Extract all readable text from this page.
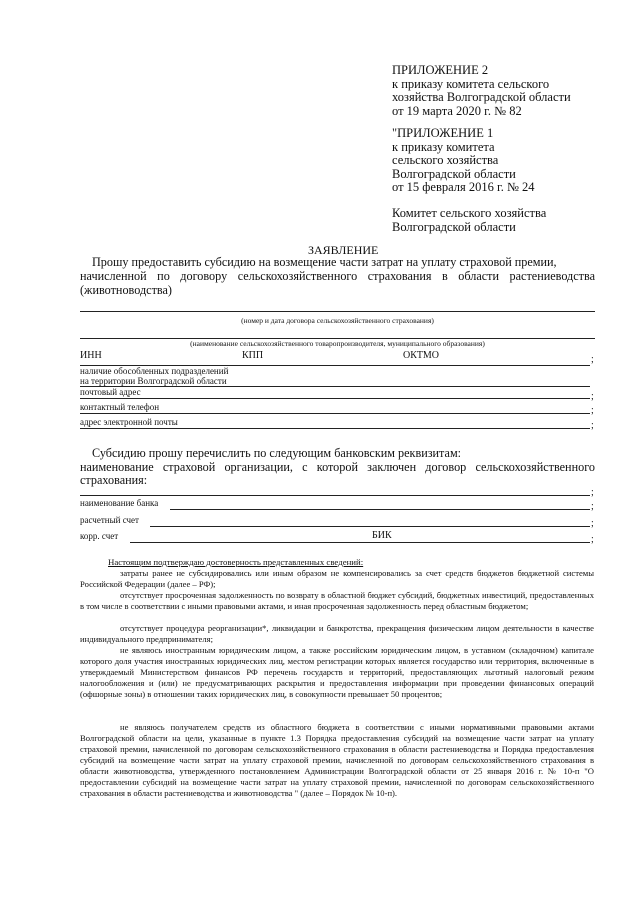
ПРИЛОЖЕНИЕ 2
к приказу комитета сельского
хозяйства Волгоградской области
от 19 марта 2020 г. № 82
"ПРИЛОЖЕНИЕ 1
к приказу комитета
сельского хозяйства
Волгоградской области
от 15 февраля 2016 г. № 24
Комитет сельского хозяйства
Волгоградской области
ЗАЯВЛЕНИЕ
Прошу предоставить субсидию на возмещение части затрат на уплату страховой премии,
начисленной по договору сельскохозяйственного страхования в области растениеводства
(животноводства)
(номер и дата договора сельскохозяйственного страхования)
(наименование сельскохозяйственного товаропроизводителя, муниципального образования)
ИНН	КПП	ОКТМО	;
наличие обособленных подразделений
на территории Волгоградской области
почтовый адрес	;
контактный телефон	;
адрес электронной почты	;
Субсидию прошу перечислить по следующим банковским реквизитам:
наименование страховой организации, с которой заключен договор сельскохозяйственного
страхования:
;
наименование банка	;
расчетный счет	;
корр. счет	БИК	;
Настоящим подтверждаю достоверность представленных сведений:
затраты ранее не субсидировались или иным образом не компенсировались за счет средств бюджетов бюджетной системы Российской Федерации (далее – РФ);
отсутствует просроченная задолженность по возврату в областной бюджет субсидий, бюджетных инвестиций, предоставленных в том числе в соответствии с иными правовыми актами, и иная просроченная задолженность перед областным бюджетом;
отсутствует процедура реорганизации*, ликвидации и банкротства, прекращения физическим лицом деятельности в качестве индивидуального предпринимателя;
не являюсь иностранным юридическим лицом, а также российским юридическим лицом, в уставном (складочном) капитале которого доля участия иностранных юридических лиц, местом регистрации которых является государство или территория, включенные в утверждаемый Министерством финансов РФ перечень государств и территорий, предоставляющих льготный налоговый режим налогообложения и (или) не предусматривающих раскрытия и предоставления информации при проведении финансовых операций (офшорные зоны) в отношении таких юридических лиц, в совокупности превышает 50 процентов;
не являюсь получателем средств из областного бюджета в соответствии с иными нормативными правовыми актами Волгоградской области на цели, указанные в пункте 1.3 Порядка предоставления субсидий на возмещение части затрат на уплату страховой премии, начисленной по договорам сельскохозяйственного страхования в области растениеводства и Порядка предоставления субсидий на возмещение части затрат на уплату страховой премии, начисленной по договорам сельскохозяйственного страхования в области животноводства, утвержденного постановлением Администрации Волгоградской области от 25 января 2016 г. № 10-п "О предоставлении субсидий на возмещение части затрат на уплату страховой премии, начисленной по договорам сельскохозяйственного страхования в области растениеводства и животноводства " (далее – Порядок № 10-п).
